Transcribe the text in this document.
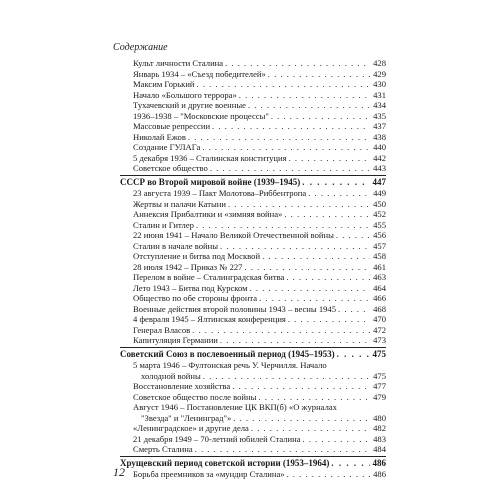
Содержание
Культ личности Сталина . . .	428
Январь 1934 – «Съезд победителей» . . .	429
Максим Горький . . .	430
Начало «Большого террора» . . .	431
Тухачевский и другие военные . . .	434
1936–1938 – "Московские процессы" . . .	435
Массовые репрессии . . .	437
Николай Ежов . . .	438
Создание ГУЛАГа . . .	440
5 декабря 1936 – Сталинская конституция . . .	442
Советское общество . . .	443
СССР во Второй мировой войне (1939–1945) . . .	447
23 августа 1939 – Пакт Молотова–Риббентропа . . .	449
Жертвы и палачи Катыни . . .	450
Аннексия Прибалтики и «зимняя война» . . .	452
Сталин и Гитлер . . .	455
22 июня 1941 – Начало Великой Отечественной войны . . .	456
Сталин в начале войны . . .	457
Отступление и битва под Москвой . . .	458
28 июля 1942 – Приказ № 227 . . .	461
Перелом в войне – Сталинградская битва . . .	463
Лето 1943 – Битва под Курском . . .	464
Общество по обе стороны фронта . . .	466
Военные действия второй половины 1943 – весны 1945 . . .	468
4 февраля 1945 – Ялтинская конференция . . .	470
Генерал Власов . . .	472
Капитуляция Германии . . .	473
Советский Союз в послевоенный период (1945–1953) . . .	475
5 марта 1946 – Фултонская речь У. Черчилля. Начало
холодной войны . . .	475
Восстановление хозяйства . . .	477
Советское общество после войны . . .	479
Август 1946 – Постановление ЦК ВКП(б) «О журналах
"Звезда" и "Ленинград"» . . .	480
«Ленинградское» и другие дела . . .	482
21 декабря 1949 – 70-летний юбилей Сталина . . .	483
Смерть Сталина . . .	484
Хрущевский период советской истории (1953–1964) . . .	486
Борьба преемников за «мундир Сталина» . . .	486
12
